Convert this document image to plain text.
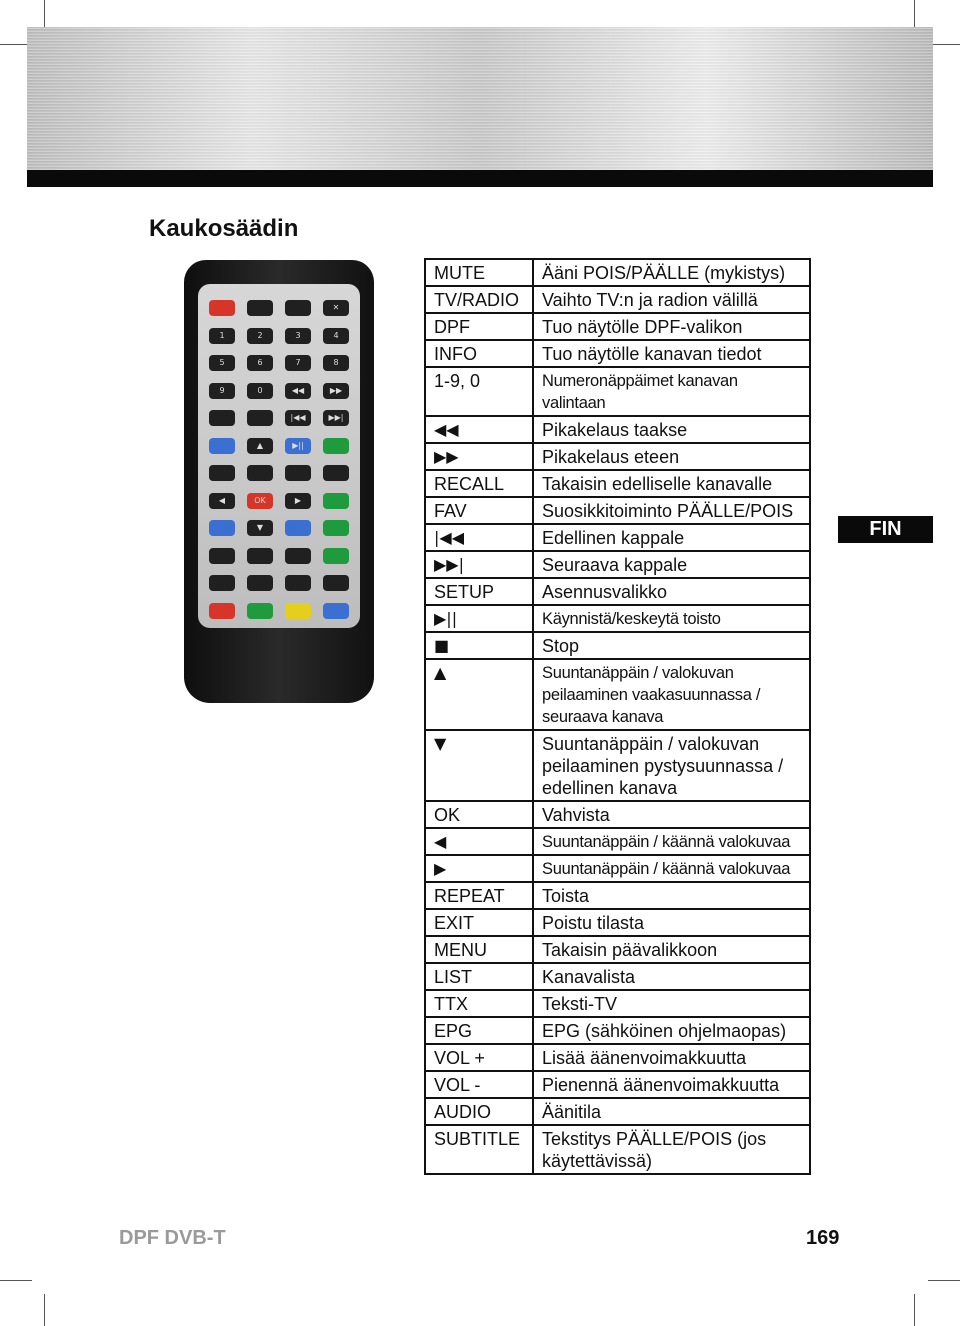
Kaukosäädin
✕
1	2	3	4
5	6	7	8
9	0	◀◀	▶▶
|◀◀	▶▶|
▲	▶||
◀	OK	▶
▼
MUTE	Ääni POIS/PÄÄLLE (mykistys)
TV/RADIO	Vaihto TV:n ja radion välillä
DPF	Tuo näytölle DPF-valikon
INFO	Tuo näytölle kanavan tiedot
1-9, 0	Numeronäppäimet kanavan valintaan
◀◀	Pikakelaus taakse
▶▶	Pikakelaus eteen
RECALL	Takaisin edelliselle kanavalle
FAV	Suosikkitoiminto PÄÄLLE/POIS
|◀◀	Edellinen kappale
▶▶|	Seuraava kappale
SETUP	Asennusvalikko
▶||	Käynnistä/keskeytä toisto
■	Stop
▲	Suuntanäppäin / valokuvan peilaaminen vaakasuunnassa / seuraava kanava
▼	Suuntanäppäin / valokuvan peilaaminen pystysuunnassa / edellinen kanava
OK	Vahvista
◀	Suuntanäppäin / käännä valokuvaa
▶	Suuntanäppäin / käännä valokuvaa
REPEAT	Toista
EXIT	Poistu tilasta
MENU	Takaisin päävalikkoon
LIST	Kanavalista
TTX	Teksti-TV
EPG	EPG (sähköinen ohjelmaopas)
VOL +	Lisää äänenvoimakkuutta
VOL -	Pienennä äänenvoimakkuutta
AUDIO	Äänitila
SUBTITLE	Tekstitys PÄÄLLE/POIS (jos käytettävissä)
FIN
DPF DVB-T	169
